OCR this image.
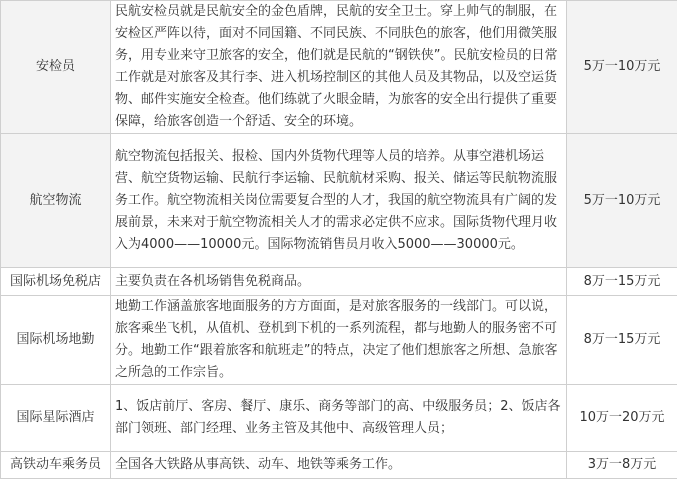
安检员	民航安检员就是民航安全的金色盾牌，民航的安全卫士。穿上帅气的制服，在安检区严阵以待，面对不同国籍、不同民族、不同肤色的旅客，他们用微笑服务，用专业来守卫旅客的安全，他们就是民航的“钢铁侠”。民航安检员的日常工作就是对旅客及其行李、进入机场控制区的其他人员及其物品，以及空运货物、邮件实施安全检查。他们练就了火眼金睛，为旅客的安全出行提供了重要保障，给旅客创造一个舒适、安全的环境。	5万一10万元
航空物流	航空物流包括报关、报检、国内外货物代理等人员的培养。从事空港机场运营、航空货物运输、民航行李运输、民航航材采购、报关、储运等民航物流服务工作。航空物流相关岗位需要复合型的人才，我国的航空物流具有广阔的发展前景，未来对于航空物流相关人才的需求必定供不应求。国际货物代理月收入为4000——10000元。国际物流销售员月收入5000——30000元。	5万一10万元
国际机场免税店	主要负责在各机场销售免税商品。	8万一15万元
国际机场地勤	地勤工作涵盖旅客地面服务的方方面面，是对旅客服务的一线部门。可以说，旅客乘坐飞机，从值机、登机到下机的一系列流程，都与地勤人的服务密不可分。地勤工作“跟着旅客和航班走”的特点，决定了他们想旅客之所想、急旅客之所急的工作宗旨。	8万一15万元
国际星际酒店	1、饭店前厅、客房、餐厅、康乐、商务等部门的高、中级服务员；2、饭店各部门领班、部门经理、业务主管及其他中、高级管理人员；	10万一20万元
高铁动车乘务员	全国各大铁路从事高铁、动车、地铁等乘务工作。	3万一8万元
